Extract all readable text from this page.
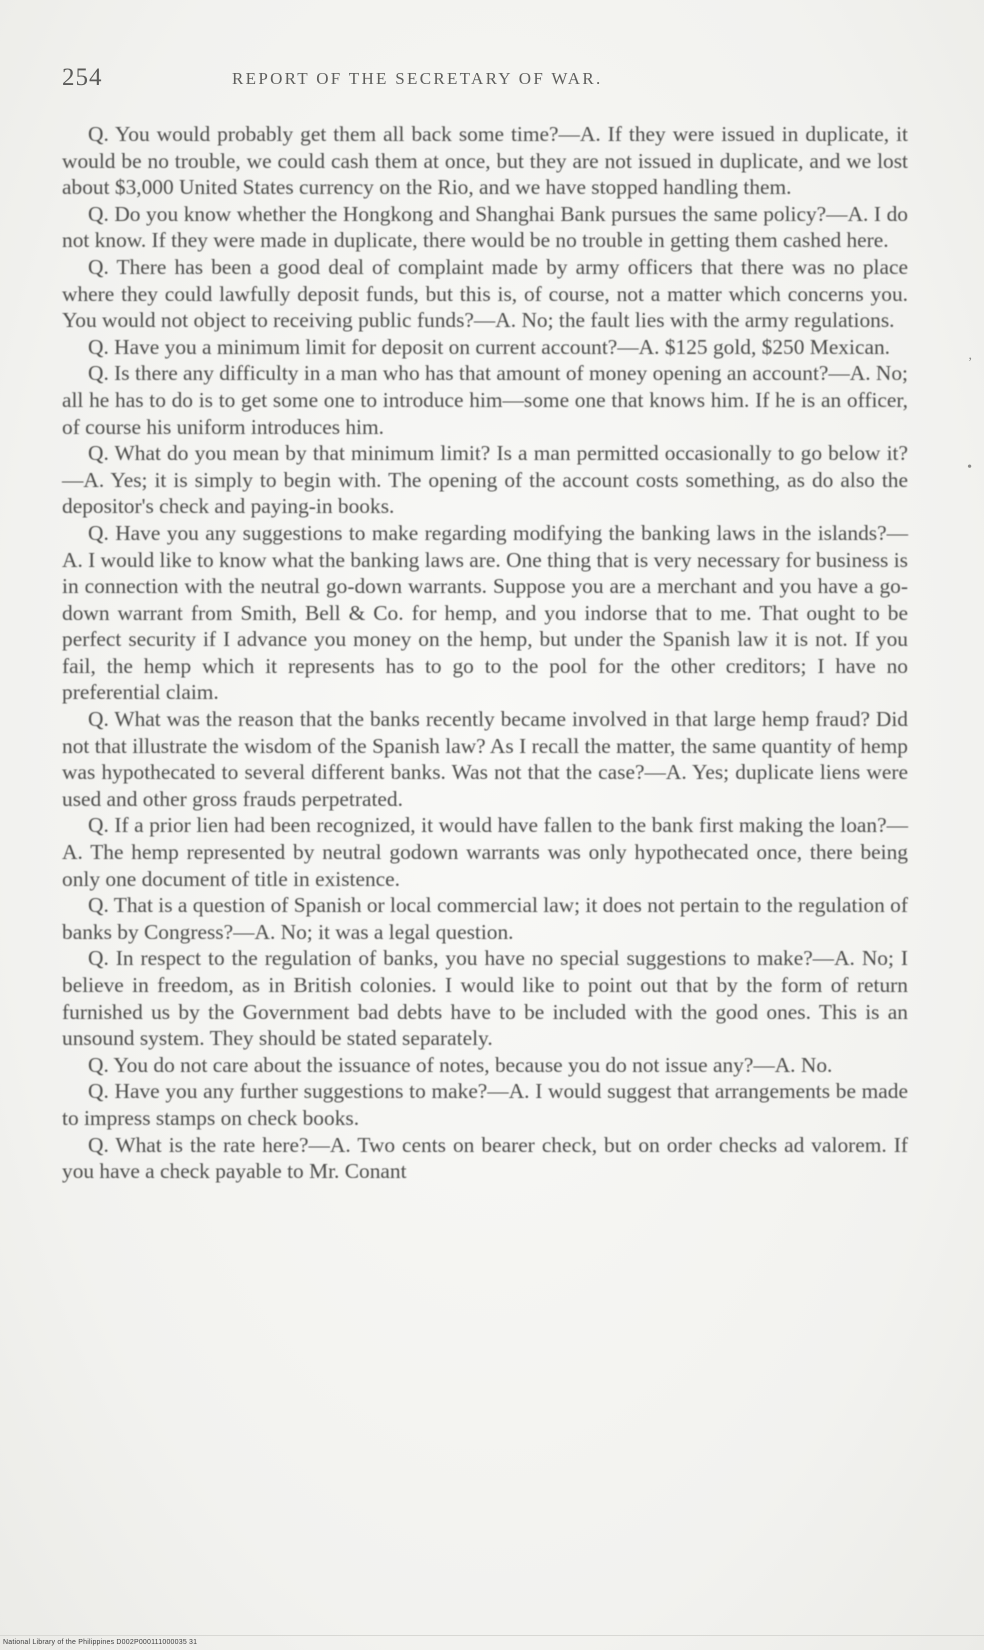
254	REPORT OF THE SECRETARY OF WAR.

Q. You would probably get them all back some time?—A. If they were issued in duplicate, it would be no trouble, we could cash them at once, but they are not issued in duplicate, and we lost about $3,000 United States currency on the Rio, and we have stopped handling them.

Q. Do you know whether the Hongkong and Shanghai Bank pursues the same policy?—A. I do not know. If they were made in duplicate, there would be no trouble in getting them cashed here.

Q. There has been a good deal of complaint made by army officers that there was no place where they could lawfully deposit funds, but this is, of course, not a matter which concerns you. You would not object to receiving public funds?—A. No; the fault lies with the army regulations.

Q. Have you a minimum limit for deposit on current account?—A. $125 gold, $250 Mexican.

Q. Is there any difficulty in a man who has that amount of money opening an account?—A. No; all he has to do is to get some one to introduce him—some one that knows him. If he is an officer, of course his uniform introduces him.

Q. What do you mean by that minimum limit? Is a man permitted occasionally to go below it?—A. Yes; it is simply to begin with. The opening of the account costs something, as do also the depositor's check and paying-in books.

Q. Have you any suggestions to make regarding modifying the banking laws in the islands?—A. I would like to know what the banking laws are. One thing that is very necessary for business is in connection with the neutral go-down warrants. Suppose you are a merchant and you have a go-down warrant from Smith, Bell & Co. for hemp, and you indorse that to me. That ought to be perfect security if I advance you money on the hemp, but under the Spanish law it is not. If you fail, the hemp which it represents has to go to the pool for the other creditors; I have no preferential claim.

Q. What was the reason that the banks recently became involved in that large hemp fraud? Did not that illustrate the wisdom of the Spanish law? As I recall the matter, the same quantity of hemp was hypothecated to several different banks. Was not that the case?—A. Yes; duplicate liens were used and other gross frauds perpetrated.

Q. If a prior lien had been recognized, it would have fallen to the bank first making the loan?—A. The hemp represented by neutral godown warrants was only hypothecated once, there being only one document of title in existence.

Q. That is a question of Spanish or local commercial law; it does not pertain to the regulation of banks by Congress?—A. No; it was a legal question.

Q. In respect to the regulation of banks, you have no special suggestions to make?—A. No; I believe in freedom, as in British colonies. I would like to point out that by the form of return furnished us by the Government bad debts have to be included with the good ones. This is an unsound system. They should be stated separately.

Q. You do not care about the issuance of notes, because you do not issue any?—A. No.

Q. Have you any further suggestions to make?—A. I would suggest that arrangements be made to impress stamps on check books.

Q. What is the rate here?—A. Two cents on bearer check, but on order checks ad valorem. If you have a check payable to Mr. Conant

,
•
National Library of the Philippines D002P000111000035 31
